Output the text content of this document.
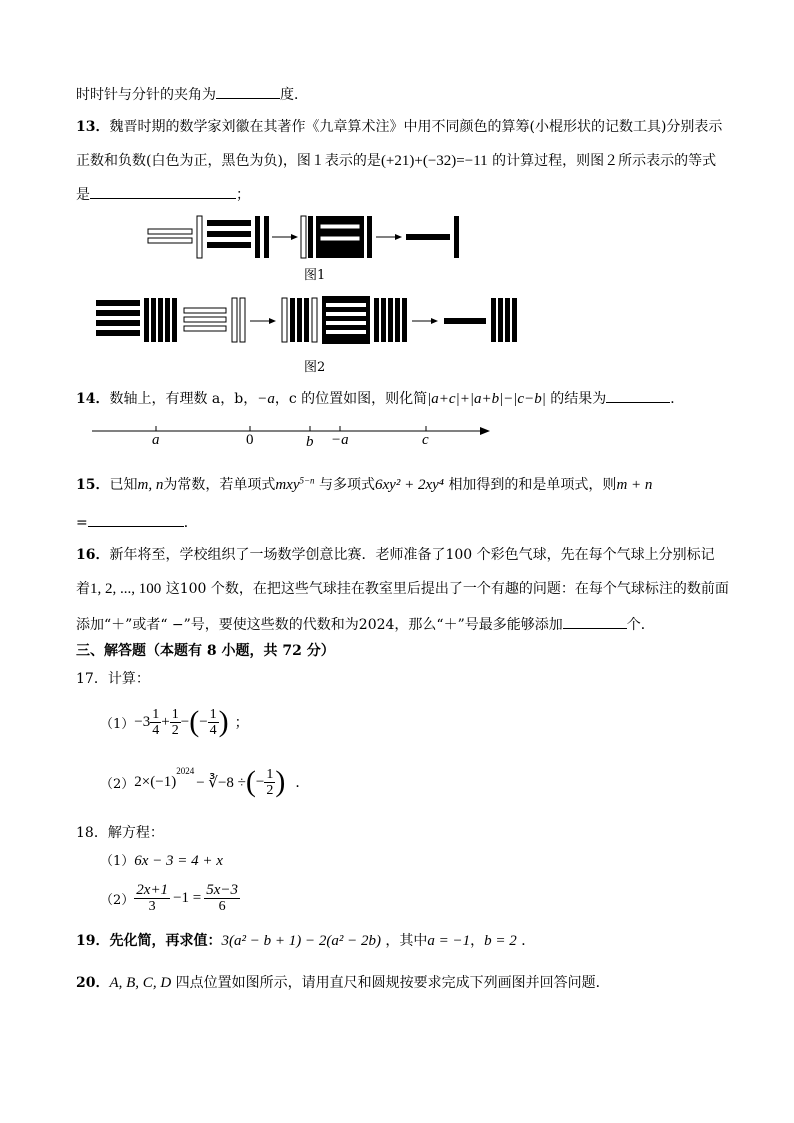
时时针与分针的夹角为	度．
13．魏晋时期的数学家刘徽在其著作《九章算术注》中用不同颜色的算筹(小棍形状的记数工具)分别表示
正数和负数(白色为正，黑色为负)，图１表示的是(+21)+(−32)=−11 的计算过程，则图２所示表示的等式
是	；
图1
图2
14．数轴上，有理数 a，b，−a，c 的位置如图，则化简|a+c|+|a+b|−|c−b| 的结果为	．
a	0	b −a	c
15．已知m, n为常数，若单项式mxy$^{5-n}$ 与多项式6xy² + 2xy⁴ 相加得到的和是单项式，则m + n
=	．
16．新年将至，学校组织了一场数学创意比赛．老师准备了100 个彩色气球，先在每个气球上分别标记
着1, 2, ..., 100 这100 个数，在把这些气球挂在教室里后提出了一个有趣的问题：在每个气球标注的数前面
添加“＋”或者“ −”号，要使这些数的代数和为2024，那么“＋”号最多能够添加	个．
三、解答题（本题有 8 小题，共 72 分）
17．计算：
$(1) -3 \frac{1}{4} + \frac{1}{2}$ − ( − $\frac{1}{4}$ ) ；
（2） 2×(−1)
$^{2024}$
− ∛−8 ÷ ( − $\frac{1}{2}$ ) ．
18．解方程：
（1）6x − 3 = 4 + x
$(2) \frac{2x+1}{3} -1 = \frac{5x-3}{6}$
19．先化简，再求值：3(a² − b + 1) − 2(a² − 2b) ，其中a = −1，b = 2 ．
20．A, B, C, D 四点位置如图所示，请用直尺和圆规按要求完成下列画图并回答问题．
